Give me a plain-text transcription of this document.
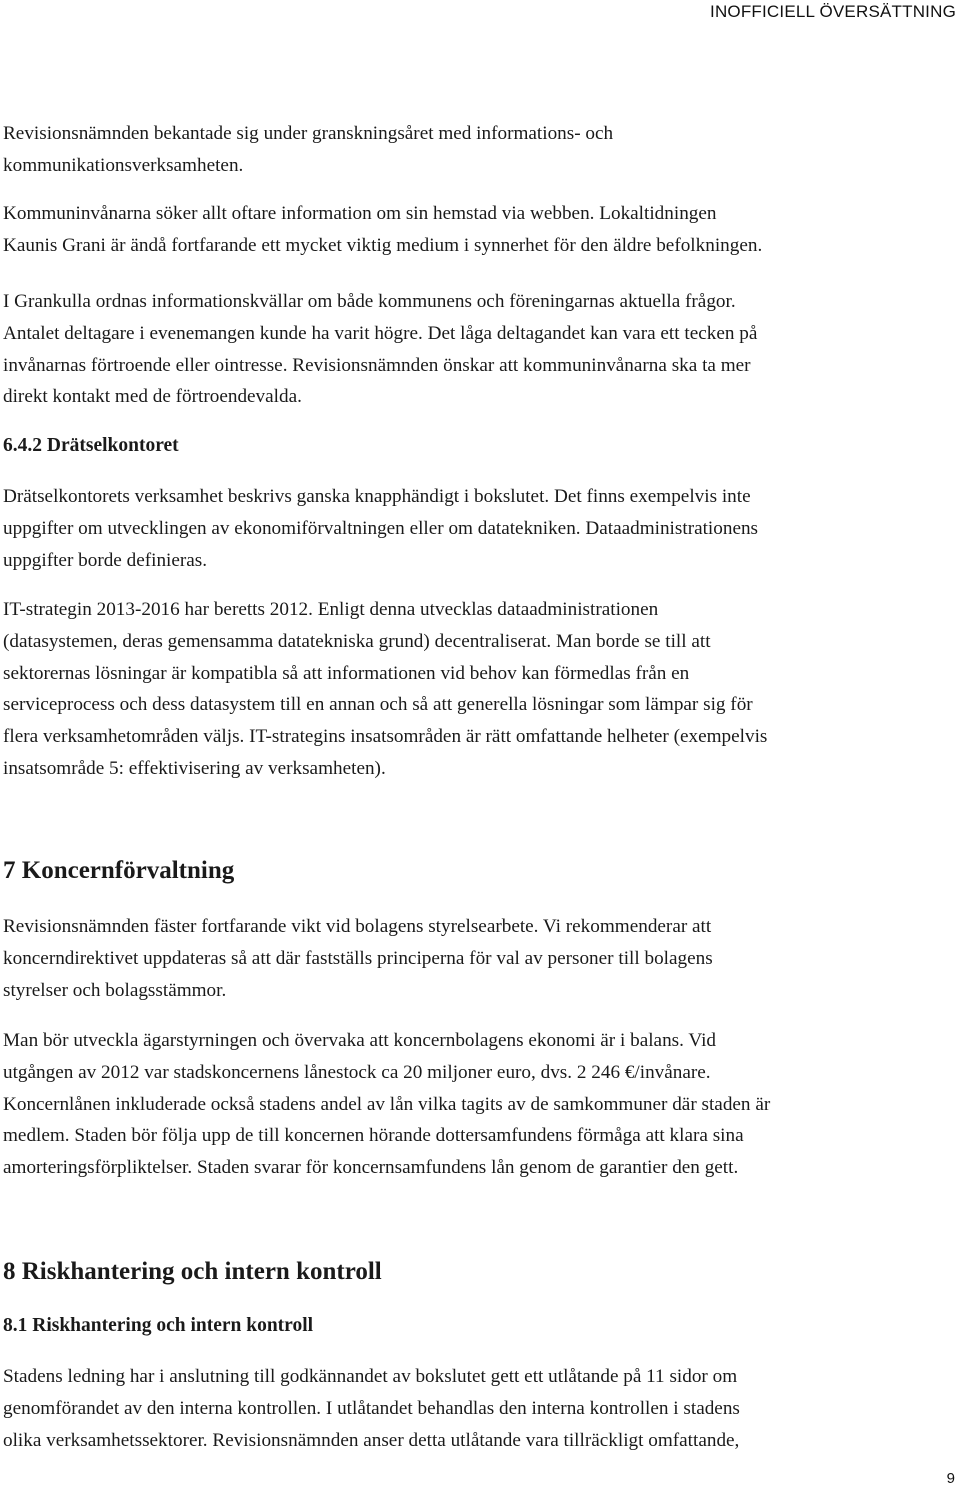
INOFFICIELL ÖVERSÄTTNING

Revisionsnämnden bekantade sig under granskningsåret med informations- och
kommunikationsverksamheten.

Kommuninvånarna söker allt oftare information om sin hemstad via webben. Lokaltidningen
Kaunis Grani är ändå fortfarande ett mycket viktig medium i synnerhet för den äldre befolkningen.

I Grankulla ordnas informationskvällar om både kommunens och föreningarnas aktuella frågor.
Antalet deltagare i evenemangen kunde ha varit högre. Det låga deltagandet kan vara ett tecken på
invånarnas förtroende eller ointresse. Revisionsnämnden önskar att kommuninvånarna ska ta mer
direkt kontakt med de förtroendevalda.

6.4.2 Drätselkontoret

Drätselkontorets verksamhet beskrivs ganska knapphändigt i bokslutet. Det finns exempelvis inte
uppgifter om utvecklingen av ekonomiförvaltningen eller om datatekniken. Dataadministrationens
uppgifter borde definieras.

IT-strategin 2013-2016 har beretts 2012. Enligt denna utvecklas dataadministrationen
(datasystemen, deras gemensamma datatekniska grund) decentraliserat. Man borde se till att
sektorernas lösningar är kompatibla så att informationen vid behov kan förmedlas från en
serviceprocess och dess datasystem till en annan och så att generella lösningar som lämpar sig för
flera verksamhetområden väljs. IT-strategins insatsområden är rätt omfattande helheter (exempelvis
insatsområde 5: effektivisering av verksamheten).

7 Koncernförvaltning

Revisionsnämnden fäster fortfarande vikt vid bolagens styrelsearbete. Vi rekommenderar att
koncerndirektivet uppdateras så att där fastställs principerna för val av personer till bolagens
styrelser och bolagsstämmor.

Man bör utveckla ägarstyrningen och övervaka att koncernbolagens ekonomi är i balans. Vid
utgången av 2012 var stadskoncernens lånestock ca 20 miljoner euro, dvs. 2 246 €/invånare.
Koncernlånen inkluderade också stadens andel av lån vilka tagits av de samkommuner där staden är
medlem. Staden bör följa upp de till koncernen hörande dottersamfundens förmåga att klara sina
amorteringsförpliktelser. Staden svarar för koncernsamfundens lån genom de garantier den gett.

8 Riskhantering och intern kontroll
8.1 Riskhantering och intern kontroll

Stadens ledning har i anslutning till godkännandet av bokslutet gett ett utlåtande på 11 sidor om
genomförandet av den interna kontrollen. I utlåtandet behandlas den interna kontrollen i stadens
olika verksamhetssektorer. Revisionsnämnden anser detta utlåtande vara tillräckligt omfattande,

9
